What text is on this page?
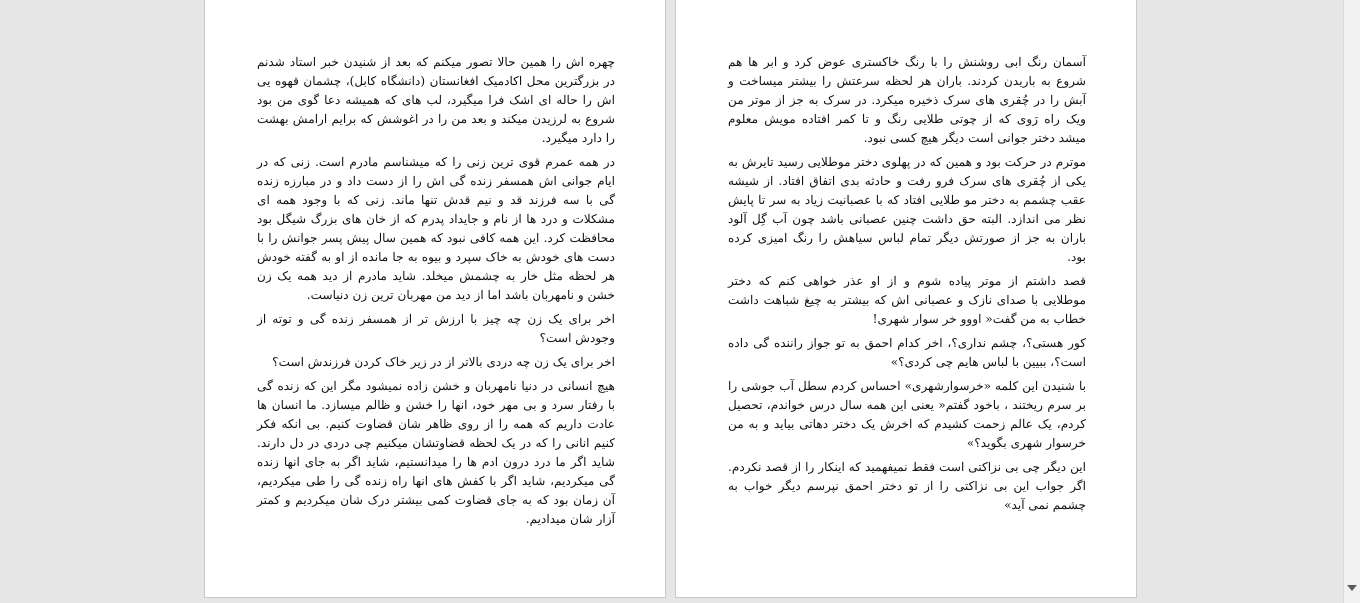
چهره اش را همین حالا تصور میکنم که بعد از شنیدن خبر استاد شدنم در بزرگترین محل اکادمیک افغانستان (دانشگاه کابل)، چشمان قهوه یی اش را حاله ای اشک فرا میگیرد، لب های که همیشه دعا گوی من بود شروع به لرزیدن میکند و بعد من را در اغوشش که برایم ارامش بهشت را دارد میگیرد.

در همه عمرم قوی ترین زنی را که میشناسم مادرم است. زنی که در ایام جوانی اش همسفر زنده گی اش را از دست داد و در مبارزه زنده گی با سه فرزند قد و نیم قدش تنها ماند. زنی که با وجود همه ای مشکلات و درد ها از نام و جایداد پدرم که از خان های بزرگ شیگل بود محافظت کرد. این همه کافی نبود که همین سال پیش پسر جوانش را با دست های خودش به خاک سپرد و بیوه به جا مانده از او به گفته خودش هر لحظه مثل خار به چشمش میخلد. شاید مادرم از دید همه یک زن خشن و نامهربان باشد اما از دید من مهربان ترین زن دنیاست.

اخر برای یک زن چه چیز با ارزش تر از همسفر زنده گی و توته از وجودش است؟

اخر برای یک زن چه دردی بالاتر از در زیر خاک کردن فرزندش است؟

هیچ انسانی در دنیا نامهربان و خشن زاده نمیشود مگر این که زنده گی با رفتار سرد و بی مهر خود، انها را خشن و ظالم میسازد. ما انسان ها عادت داریم که همه را از روی ظاهر شان قضاوت کنیم. بی انکه فکر کنیم انانی را که در یک لحظه قضاوتشان میکنیم چی دردی در دل دارند. شاید اگر ما درد درون ادم ها را میدانستیم، شاید اگر به جای انها زنده گی میکردیم، شاید اگر با کفش های انها راه زنده گی را طی میکردیم، آن زمان بود که به جای قضاوت کمی بیشتر درک شان میکردیم و کمتر آزار شان میدادیم.

آسمان رنگ ابی روشنش را با رنگ خاکستری عوض کرد و ابر ها هم شروع به باریدن کردند. باران هر لحظه سرعتش را بیشتر میساخت و آبش را در چُقری های سرک ذخیره میکرد. در سرک به جز از موتر من ویک راه رَوی که از چوتی طلایی رنگ و تا کمر افتاده مویش معلوم میشد دختر جوانی است دیگر هیچ کسی نبود.

موترم در حرکت بود و همین که در پهلوی دختر موطلایی رسید تایرش به یکی از چُقری های سرک فرو رفت و حادثه بدی اتفاق افتاد. از شیشه عقب چشمم به دختر مو طلایی افتاد که با عصبانیت زیاد به سر تا پایش نظر می اندازد. البته حق داشت چنین عصبانی باشد چون آب گِل آلود باران به جز از صورتش دیگر تمام لباس سیاهش را رنگ امیزی کرده بود.

قصد داشتم از موتر پیاده شوم و از او عذر خواهی کنم که دختر موطلایی با صدای نازک و عصبانی اش که بیشتر به چیغ شباهت داشت خطاب به من گفت« اووو خر سوار شهری!

کور هستی؟، چشم نداری؟، اخر کدام احمق به تو جواز راننده گی داده است؟، ببیین با لباس هایم چی کردی؟»

با شنیدن این کلمه «خرسوارشهری» احساس کردم سطل آب جوشی را بر سرم ریختند ، باخود گفتم« یعنی این همه سال درس خواندم، تحصیل کردم، یک عالم زحمت کشیدم که اخرش یک دختر دهاتی بیاید و به من خرسوار شهری بگوید؟»

این دیگر چی بی نزاکتی است فقط نمیفهمید که اینکار را از قصد نکردم. اگر جواب این بی نزاکتی را از تو دختر احمق نپرسم دیگر خواب به چشمم نمی آید»
